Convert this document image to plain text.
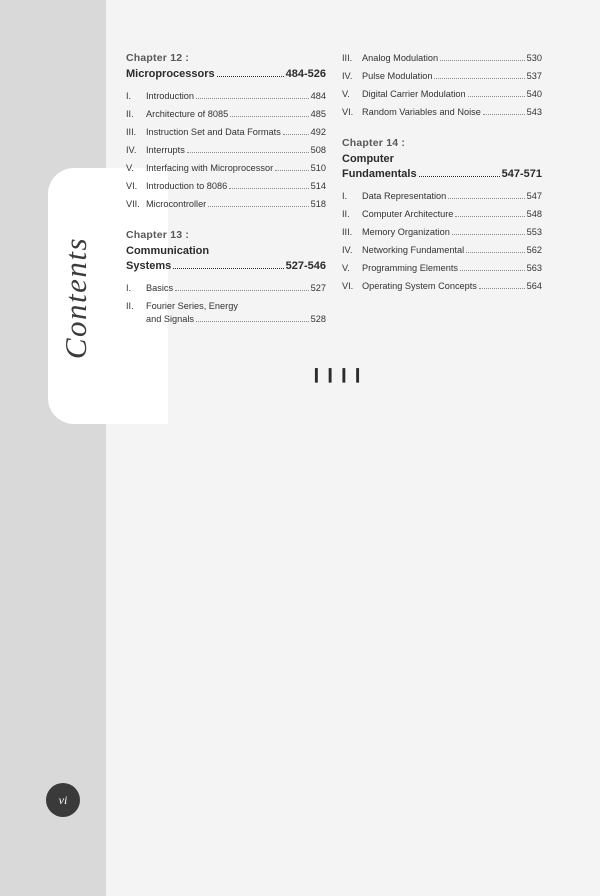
Contents
Chapter 12 :
Microprocessors	484-526
I.	Introduction	484
II.	Architecture of 8085	485
III.	Instruction Set and Data Formats	492
IV.	Interrupts	508
V.	Interfacing with Microprocessor	510
VI. Introduction to 8086	514
VII. Microcontroller	518
Chapter 13 :
Communication
Systems	527-546
I.	Basics	527
II.	Fourier Series, Energy
and Signals	528
III.	Analog Modulation	530
IV.	Pulse Modulation	537
V.	Digital Carrier Modulation	540
VI. Random Variables and Noise	543
Chapter 14 :
Computer
Fundamentals	547-571
I.	Data Representation	547
II.	Computer Architecture	548
III.	Memory Organization	553
IV.	Networking Fundamental	562
V.	Programming Elements	563
VI. Operating System Concepts	564
❙❙❙❙
vi
